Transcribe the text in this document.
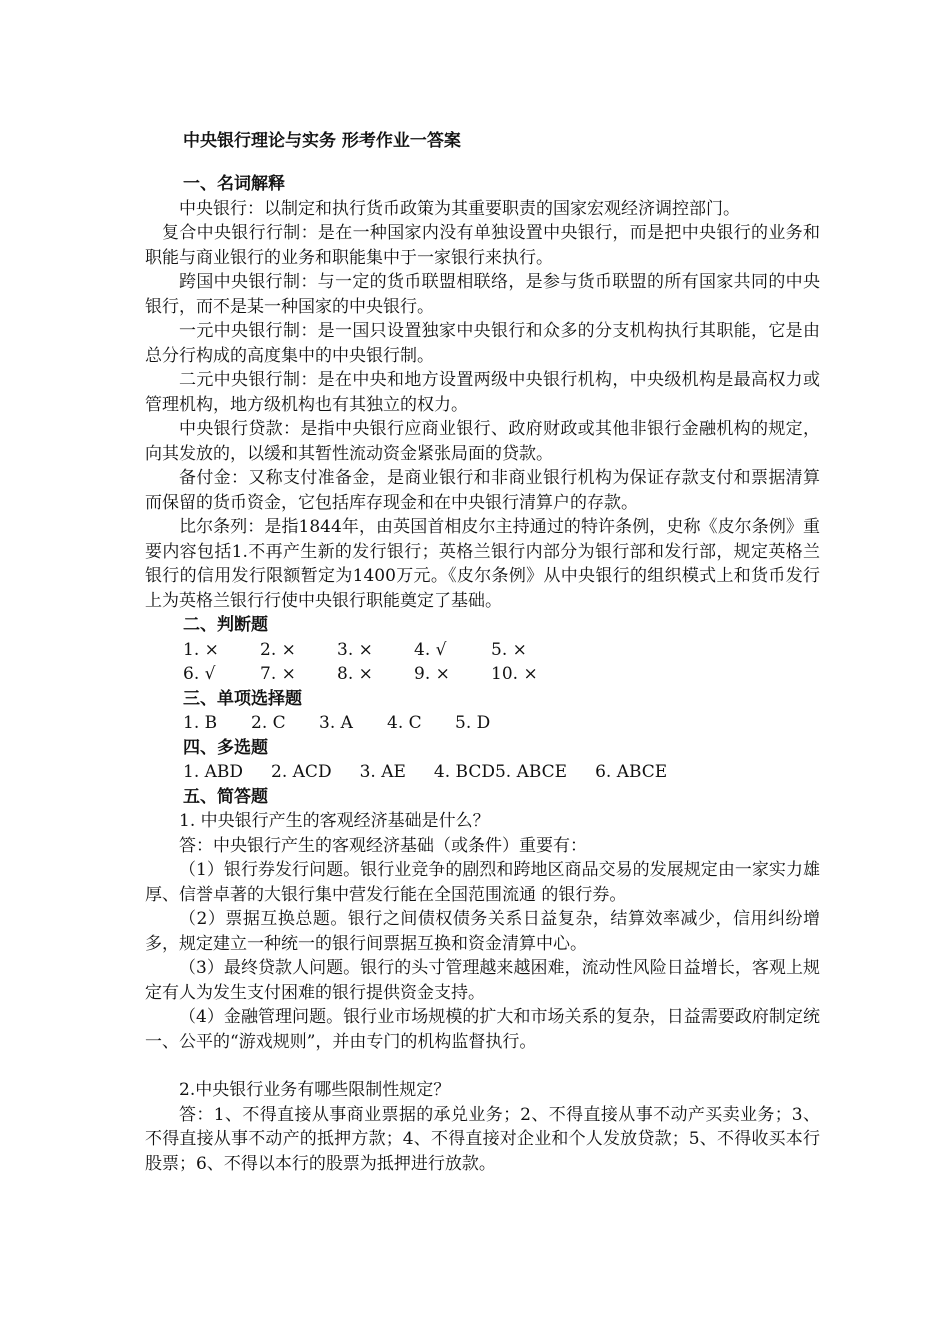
中央银行理论与实务 形考作业一答案

一、名词解释

中央银行：以制定和执行货币政策为其重要职责的国家宏观经济调控部门。

复合中央银行行制：是在一种国家内没有单独设置中央银行，而是把中央银行的业务和职能与商业银行的业务和职能集中于一家银行来执行。

跨国中央银行制：与一定的货币联盟相联络，是参与货币联盟的所有国家共同的中央银行，而不是某一种国家的中央银行。

一元中央银行制：是一国只设置独家中央银行和众多的分支机构执行其职能，它是由总分行构成的高度集中的中央银行制。

二元中央银行制：是在中央和地方设置两级中央银行机构，中央级机构是最高权力或管理机构，地方级机构也有其独立的权力。

中央银行贷款：是指中央银行应商业银行、政府财政或其他非银行金融机构的规定，向其发放的，以缓和其暂性流动资金紧张局面的贷款。

备付金：又称支付准备金，是商业银行和非商业银行机构为保证存款支付和票据清算而保留的货币资金，它包括库存现金和在中央银行清算户的存款。

比尔条列：是指1844年，由英国首相皮尔主持通过的特许条例，史称《皮尔条例》重要内容包括1.不再产生新的发行银行；英格兰银行内部分为银行部和发行部，规定英格兰银行的信用发行限额暂定为1400万元。《皮尔条例》从中央银行的组织模式上和货币发行上为英格兰银行行使中央银行职能奠定了基础。

二、判断题

1. ×	2. ×	3. ×	4. √	5. ×
6. √	7. ×	8. ×	9. ×	10. ×

三、单项选择题

1. B	2. C	3. A	4. C	5. D

四、多选题

1. ABD 2. ACD 3. AE 4. BCD5. ABCE 6. ABCE

五、简答题

1. 中央银行产生的客观经济基础是什么？

答：中央银行产生的客观经济基础（或条件）重要有：

（1）银行券发行问题。银行业竞争的剧烈和跨地区商品交易的发展规定由一家实力雄厚、信誉卓著的大银行集中营发行能在全国范围流通 的银行券。

（2）票据互换总题。银行之间债权债务关系日益复杂，结算效率减少，信用纠纷增多，规定建立一种统一的银行间票据互换和资金清算中心。

（3）最终贷款人问题。银行的头寸管理越来越困难，流动性风险日益增长，客观上规定有人为发生支付困难的银行提供资金支持。

（4）金融管理问题。银行业市场规模的扩大和市场关系的复杂，日益需要政府制定统一、公平的“游戏规则”，并由专门的机构监督执行。

2.中央银行业务有哪些限制性规定？

答：1、不得直接从事商业票据的承兑业务；2、不得直接从事不动产买卖业务；3、不得直接从事不动产的抵押方款；4、不得直接对企业和个人发放贷款；5、不得收买本行股票；6、不得以本行的股票为抵押进行放款。
